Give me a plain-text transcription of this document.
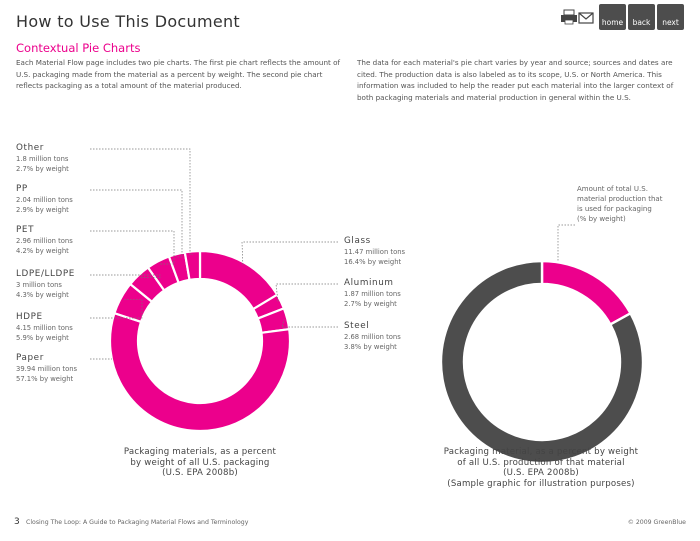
How to Use This Document
Contextual Pie Charts
Each Material Flow page includes two pie charts. The first pie chart reflects the amount of U.S. packaging made from the material as a percent by weight. The second pie chart reflects packaging as a total amount of the material produced.
The data for each material's pie chart varies by year and source; sources and dates are cited. The production data is also labeled as to its scope, U.S. or North America. This information was included to help the reader put each material into the larger context of both packaging materials and material production in general within the U.S.
home	back	next
Other
1.8 million tons
2.7% by weight
PP
2.04 million tons
2.9% by weight
PET
2.96 million tons
4.2% by weight
LDPE/LLDPE
3 million tons
4.3% by weight
HDPE
4.15 million tons
5.9% by weight
Paper
39.94 million tons
57.1% by weight
Glass
11.47 million tons
16.4% by weight
Aluminum
1.87 million tons
2.7% by weight
Steel
2.68 million tons
3.8% by weight
Amount of total U.S.
material production that
is used for packaging
(% by weight)
Packaging materials, as a percent
by weight of all U.S. packaging
(U.S. EPA 2008b)
Packaging material, as a percent by weight
of all U.S. production of that material
(U.S. EPA 2008b)
(Sample graphic for illustration purposes)
3 Closing The Loop: A Guide to Packaging Material Flows and Terminology	© 2009 GreenBlue
